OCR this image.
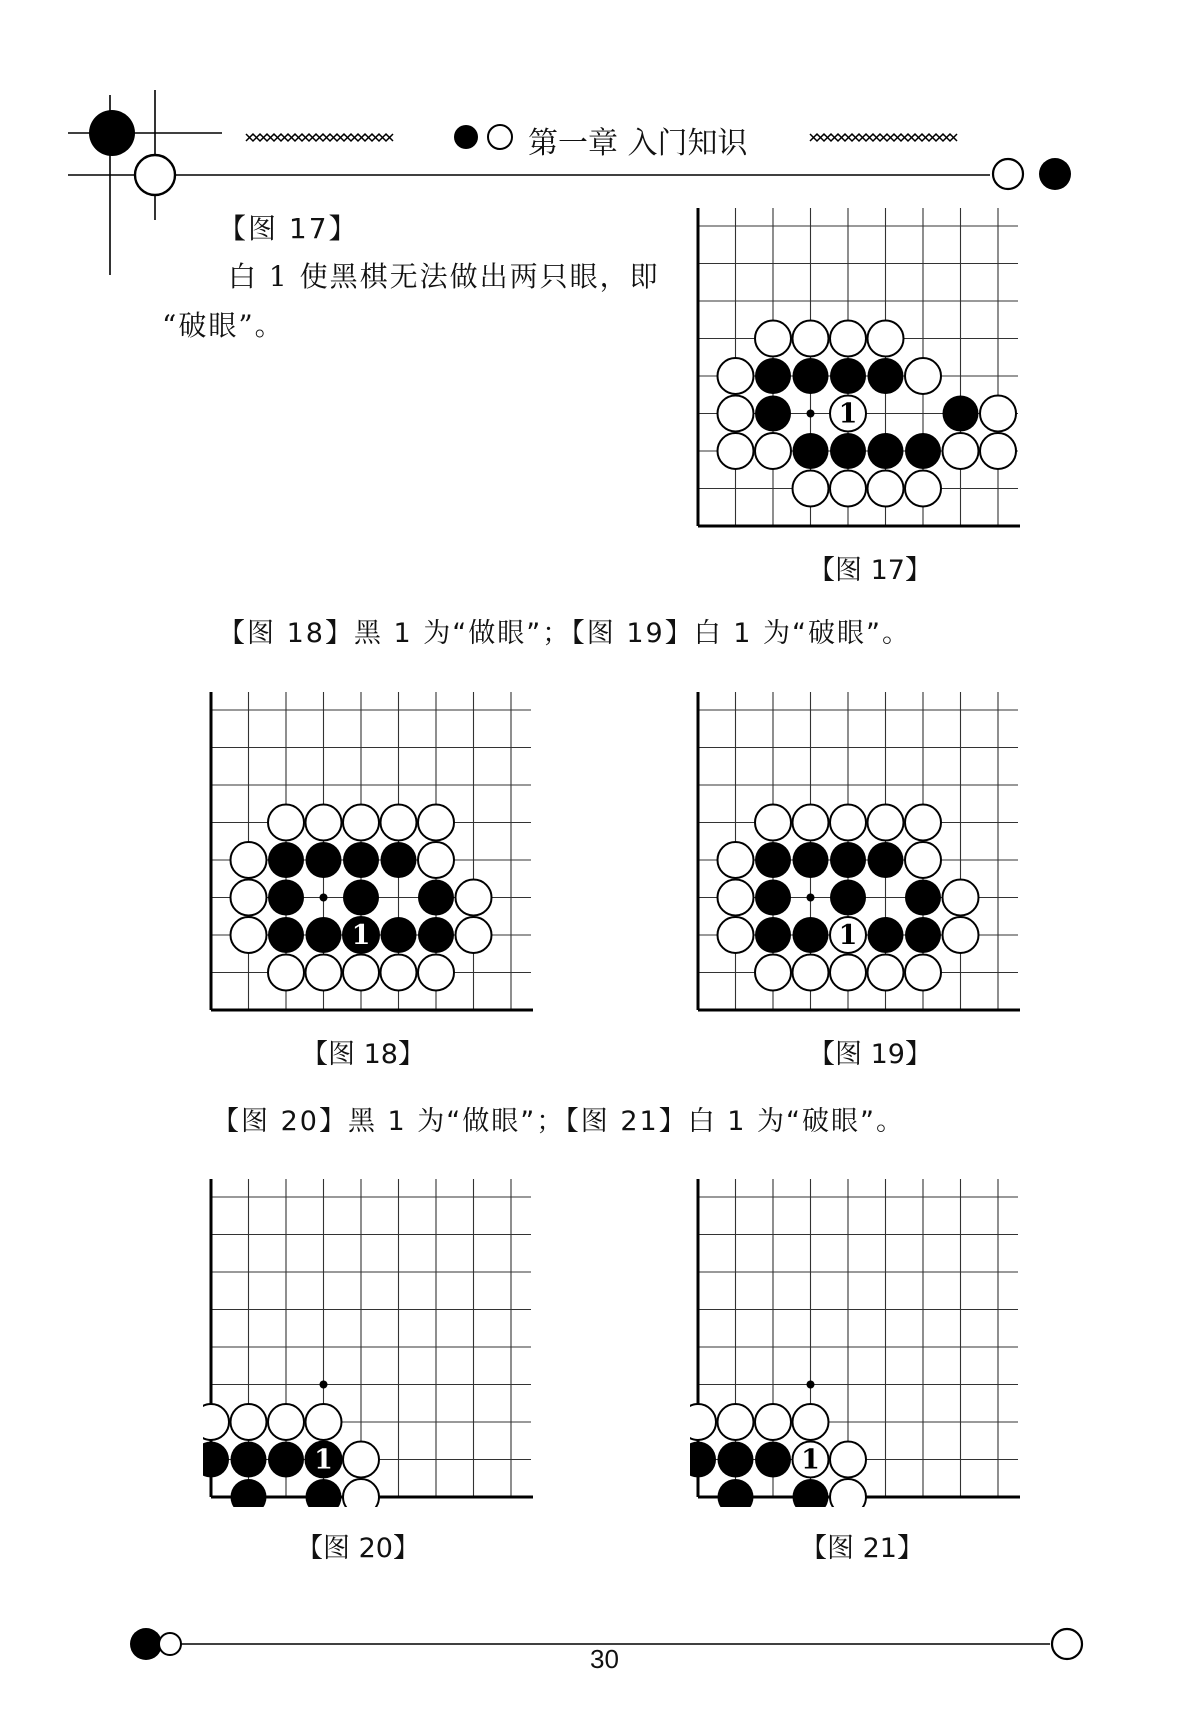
第一章 入门知识
【图 17】
白 1 使黑棋无法做出两只眼，即
“破眼”。
1
【图 17】
【图 18】黑 1 为“做眼”；【图 19】白 1 为“破眼”。
1
【图 18】
1
【图 19】
【图 20】黑 1 为“做眼”；【图 21】白 1 为“破眼”。
1
【图 20】
1
【图 21】
30
